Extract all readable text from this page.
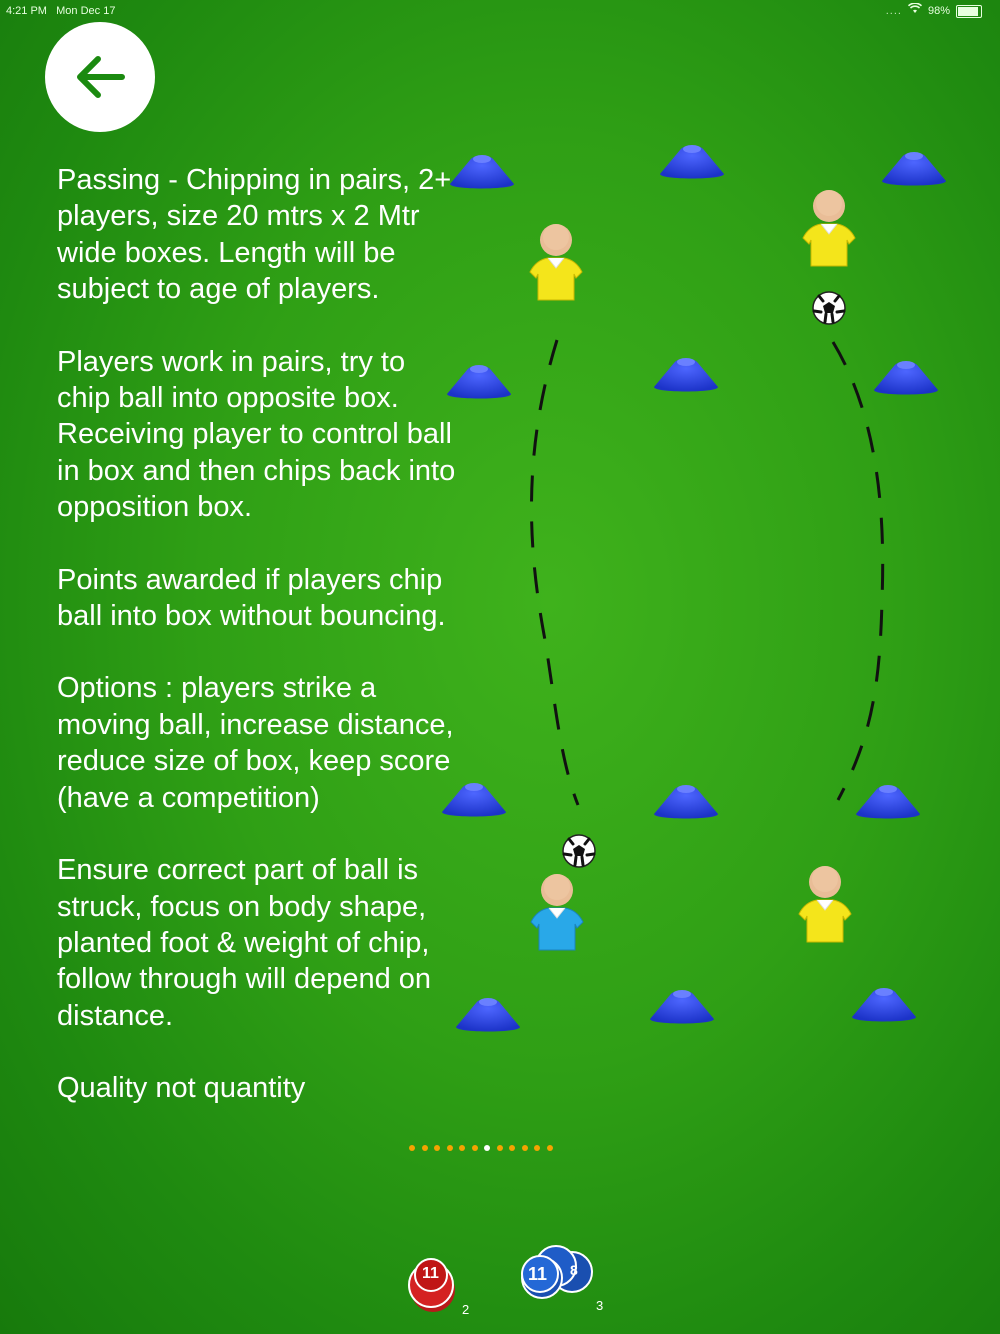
4:21 PM Mon Dec 17	.... 98%

Passing - Chipping in pairs, 2+ players, size 20 mtrs x 2 Mtr wide boxes. Length will be subject to age of players.

Players work in pairs, try to chip ball into opposite box. Receiving player to control ball in box and then chips back into opposition box.

Points awarded if players chip ball into box without bouncing.

Options : players strike a moving ball, increase distance, reduce size of box, keep score (have a competition)

Ensure correct part of ball is struck, focus on body shape, planted foot & weight of chip, follow through will depend on distance.

Quality not quantity

11
2
8
11
3
